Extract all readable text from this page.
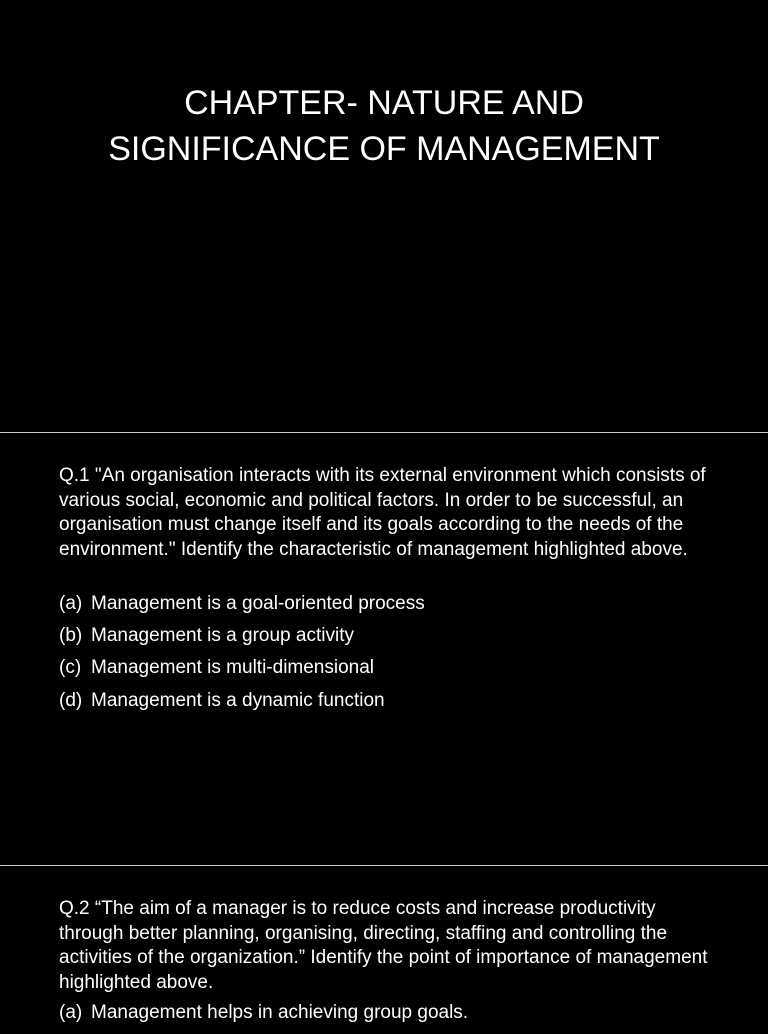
CHAPTER- NATURE AND SIGNIFICANCE OF MANAGEMENT

Q.1 "An organisation interacts with its external environment which consists of various social, economic and political factors. In order to be successful, an organisation must change itself and its goals according to the needs of the environment." Identify the characteristic of management highlighted above.

(a) Management is a goal-oriented process
(b) Management is a group activity
(c) Management is multi-dimensional
(d) Management is a dynamic function

Q.2 “The aim of a manager is to reduce costs and increase productivity through better planning, organising, directing, staffing and controlling the activities of the organization.” Identify the point of importance of management highlighted above.

(a) Management helps in achieving group goals.
